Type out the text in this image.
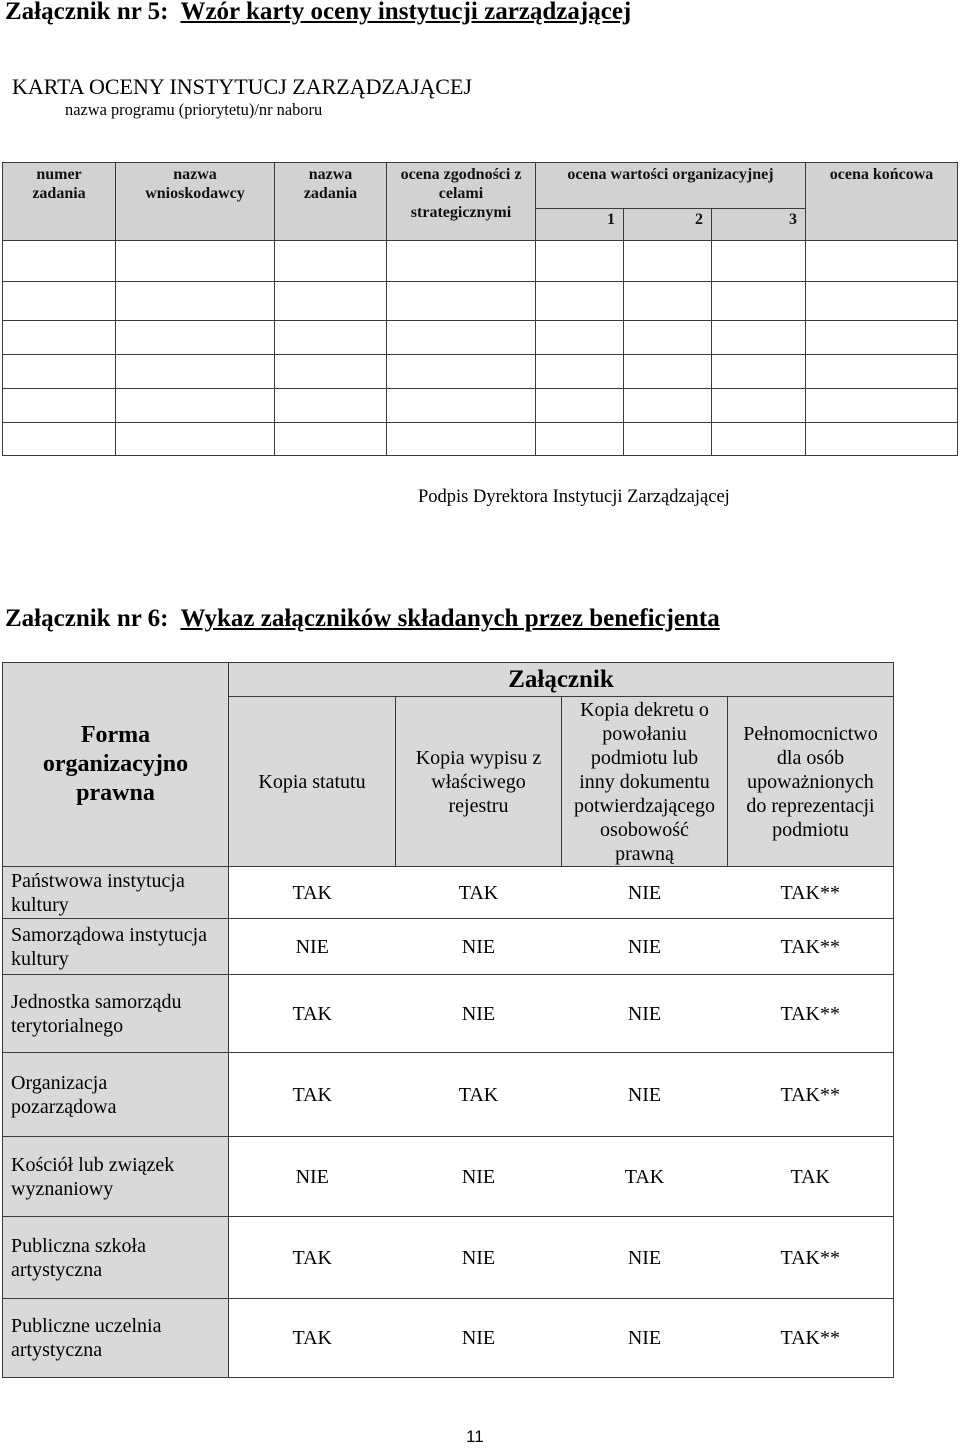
Załącznik nr 5: Wzór karty oceny instytucji zarządzającej
KARTA OCENY INSTYTUCJ ZARZĄDZAJĄCEJ
nazwa programu (priorytetu)/nr naboru
numer zadania	nazwa wnioskodawcy	nazwa zadania	ocena zgodności z celami strategicznymi	ocena wartości organizacyjnej			ocena końcowa
				1	2	3	

Podpis Dyrektora Instytucji Zarządzającej
Załącznik nr 6: Wykaz załączników składanych przez beneficjenta
Forma organizacyjno prawna	Załącznik			
	Kopia statutu	Kopia wypisu z właściwego rejestru	Kopia dekretu o powołaniu podmiotu lub inny dokumentu potwierdzającego osobowość prawną	Pełnomocnictwo dla osób upoważnionych do reprezentacji podmiotu

Państwowa instytucja kultury	TAK	TAK	NIE	TAK**

Samorządowa instytucja kultury	NIE	NIE	NIE	TAK**

Jednostka samorządu terytorialnego	TAK	NIE	NIE	TAK**

Organizacja pozarządowa	TAK	TAK	NIE	TAK**

Kościół lub związek wyznaniowy	NIE	NIE	TAK	TAK

Publiczna szkoła artystyczna	TAK	NIE	NIE	TAK**

Publiczne uczelnia artystyczna	TAK	NIE	NIE	TAK**
11
